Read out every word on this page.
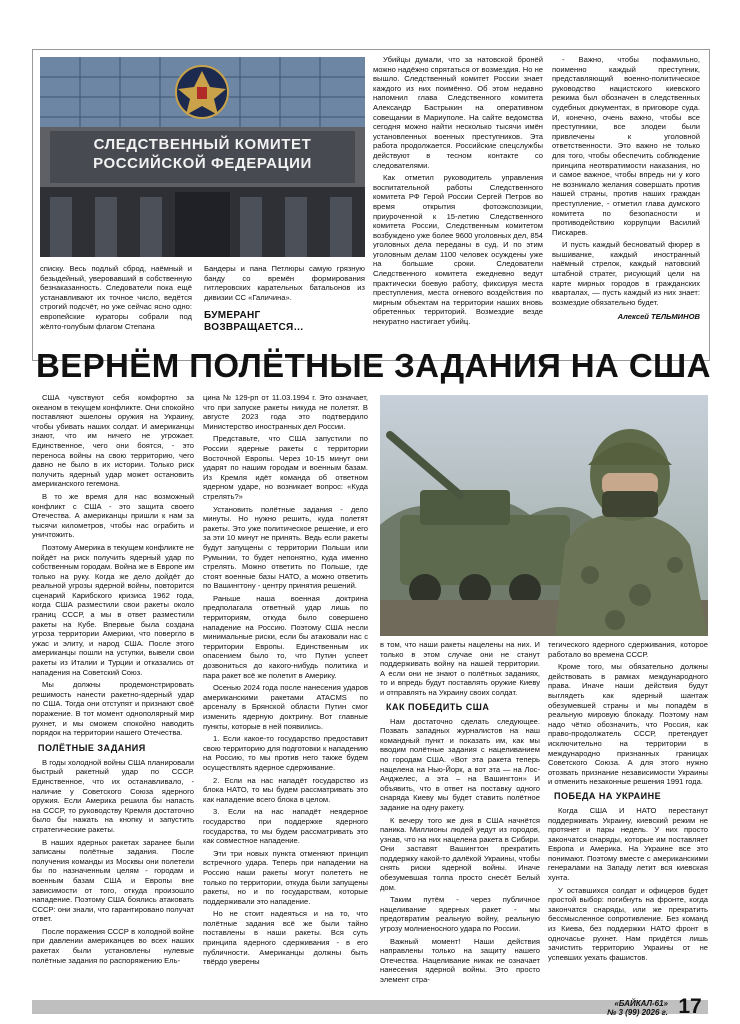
СЛЕДСТВЕННЫЙ КОМИТЕТ
РОССИЙСКОЙ ФЕДЕРАЦИИ

списку. Весь подлый сброд, наёмный и безыдейный, уверовавший в собственную безнаказанность. Следователи пока ещё устанавливают их точное число, ведётся строгий подсчёт, но уже сейчас ясно одно: европейские кураторы собрали под жёлто-голубым флагом Степана

Бандеры и пана Петлюры самую грязную банду со времён формирования гитлеровских карательных батальонов из дивизии СС «Галичина».

БУМЕРАНГ
ВОЗВРАЩАЕТСЯ…

Убийцы думали, что за натовской бронёй можно надёжно спрятаться от возмездия. Но не вышло. Следственный комитет России знает каждого из них поимённо. Об этом недавно напомнил глава Следственного комитета Александр Бастрыкин на оперативном совещании в Мариуполе. На сайте ведомства сегодня можно найти несколько тысячи имён установленных военных преступников. Эта работа продолжается. Российские спецслужбы действуют в тесном контакте со следователями.

Как отметил руководитель управления воспитательной работы Следственного комитета РФ Герой России Сергей Петров во время открытия фотоэкспозиции, приуроченной к 15-летию Следственного комитета России, Следственным комитетом возбуждено уже более 9600 уголовных дел, 854 уголовных дела переданы в суд. И по этим уголовным делам 1100 человек осуждены уже на большие сроки. Следователи Следственного комитета ежедневно ведут практически боевую работу, фиксируя места преступления, места огневого воздействия по мирным объектам на территории наших вновь обретенных территорий. Возмездие везде некуратно настигает убийц.

- Важно, чтобы пофамильно, поименно каждый преступник, представляющий военно-политическое руководство нацистского киевского режима был обозначен в следственных судебных документах, в приговоре суда. И, конечно, очень важно, чтобы все преступники, все злодеи были привлечены к уголовной ответственности. Это важно не только для того, чтобы обеспечить соблюдение принципа неотвратимости наказания, но и самое важное, чтобы впредь ни у кого не возникало желания совершать против нашей страны, против наших граждан преступление, - отметил глава думского комитета по безопасности и противодействию коррупции Василий Пискарев.

И пусть каждый бесноватый фюрер в вышиванке, каждый иностранный наёмный стрелок, каждый натовский штабной стратег, рисующий цели на карте мирных городов в гражданских кварталах, — пусть каждый из них знает: возмездие обязательно будет.

Алексей ТЕЛЬМИНОВ
ВЕРНЁМ ПОЛЁТНЫЕ ЗАДАНИЯ НА США

США чувствуют себя комфортно за океаном в текущем конфликте. Они спокойно поставляют эшелоны оружия на Украину, чтобы убивать наших солдат. И американцы знают, что им ничего не угрожает. Единственное, чего они боятся, - это переноса войны на свою территорию, чего давно не было в их истории. Только риск получить ядерный удар может остановить американского гегемона.

В то же время для нас возможный конфликт с США - это защита своего Отечества. А американцы пришли к нам за тысячи километров, чтобы нас ограбить и уничтожить.

Поэтому Америка в текущем конфликте не пойдёт на риск получить ядерный удар по собственным городам. Война же в Европе им только на руку. Когда же дело дойдёт до реальной угрозы ядерной войны, повторится сценарий Карибского кризиса 1962 года, когда США разместили свои ракеты около границ СССР, а мы в ответ разместили ракеты на Кубе. Впервые была создана угроза территории Америки, что повергло в ужас и элиту, и народ США. После этого американцы пошли на уступки, вывели свои ракеты из Италии и Турции и отказались от нападения на Советский Союз.

Мы должны продемонстрировать решимость нанести ракетно-ядерный удар по США. Тогда они отступят и признают своё поражение. В тот момент однополярный мир рухнет, и мы сможем спокойно наводить порядок на территории нашего Отечества.

ПОЛЁТНЫЕ ЗАДАНИЯ

В годы холодной войны США планировали быстрый ракетный удар по СССР. Единственное, что их останавливало, - наличие у Советского Союза ядерного оружия. Если Америка решила бы напасть на СССР, то руководству Кремля достаточно было бы нажать на кнопку и запустить стратегические ракеты.

В наших ядерных ракетах заранее были записаны полётные задания. После получения команды из Москвы они полетели бы по назначенным целям - городам и военным базам США и Европы вне зависимости от того, откуда произошло нападение. Поэтому США боялись атаковать СССР: они знали, что гарантировано получат ответ.

После поражения СССР в холодной войне при давлении американцев во всех наших ракетах были установлены нулевые полётные задания по распоряжению Ель-

цина № 129-рп от 11.03.1994 г. Это означает, что при запуске ракеты никуда не полетят. В августе 2023 года это подтвердило Министерство иностранных дел России.

Представьте, что США запустили по России ядерные ракеты с территории Восточной Европы. Через 10-15 минут они ударят по нашим городам и военным базам. Из Кремля идёт команда об ответном ядерном ударе, но возникает вопрос: «Куда стрелять?»

Установить полётные задания - дело минуты. Но нужно решить, куда полетят ракеты. Это уже политическое решение, и его за эти 10 минут не принять. Ведь если ракеты будут запущены с территории Польши или Румынии, то будет непонятно, куда именно стрелять. Можно ответить по Польше, где стоят военные базы НАТО, а можно ответить по Вашингтону - центру принятия решений.

Раньше наша военная доктрина предполагала ответный удар лишь по территориям, откуда было совершено нападение на Россию. Поэтому США несли минимальные риски, если бы атаковали нас с территории Европы. Единственным их опасением было то, что Путин успеет дозвониться до какого-нибудь политика и пара ракет всё же полетит в Америку.

Осенью 2024 года после нанесения ударов американскими ракетами ATACMS по арсеналу в Брянской области Путин смог изменить ядерную доктрину. Вот главные пункты, которые в ней появились.

1. Если какое-то государство предоставит свою территорию для подготовки к нападению на Россию, то мы против него также будем осуществлять ядерное сдерживание.

2. Если на нас нападёт государство из блока НАТО, то мы будем рассматривать это как нападение всего блока в целом.

3. Если на нас нападёт неядерное государство при поддержке ядерного государства, то мы будем рассматривать это как совместное нападение.

Эти три новых пункта отменяют принцип встречного удара. Теперь при нападении на Россию наши ракеты могут полететь не только по территории, откуда были запущены ракеты, но и по государствам, которые поддерживали это нападение.

Но не стоит надеяться и на то, что полётные задания всё же были тайно поставлены в наши ракеты. Вся суть принципа ядерного сдерживания - в его публичности. Американцы должны быть твёрдо уверены

в том, что наши ракеты нацелены на них. И только в этом случае они не станут поддерживать войну на нашей территории. А если они не знают о полётных заданиях, то и впредь будут поставлять оружие Киеву и отправлять на Украину своих солдат.

КАК ПОБЕДИТЬ США

Нам достаточно сделать следующее. Позвать западных журналистов на наш командный пункт и показать им, как мы вводим полётные задания с нацеливанием по городам США. «Вот эта ракета теперь нацелена на Нью-Йорк, а вот эта — на Лос-Анджелес, а эта – на Вашингтон» И объявить, что в ответ на поставку одного снаряда Киеву мы будет ставить полётное задание на одну ракету.

К вечеру того же дня в США начнётся паника. Миллионы людей уедут из городов, узнав, что на них нацелена ракета в Сибири. Они заставят Вашингтон прекратить поддержку какой-то далёкой Украины, чтобы снять риски ядерной войны. Иначе обезумевшая толпа просто снесёт Белый дом.

Таким путём - через публичное нацеливание ядерных ракет - мы предотвратим реальную войну, реальную угрозу молниеносного удара по России.

Важный момент! Наши действия направлены только на защиту нашего Отечества. Нацеливание никак не означает нанесения ядерной войны. Это просто элемент стра-

тегического ядерного сдерживания, которое работало во времена СССР.

Кроме того, мы обязательно должны действовать в рамках международного права. Иначе наши действия будут выглядеть как ядерный шантаж обезумевшей страны и мы попадём в реальную мировую блокаду. Поэтому нам надо чётко обозначить, что Россия, как право-продолжатель СССР, претендует исключительно на территории в международно признанных границах Советского Союза. А для этого нужно отозвать признание независимости Украины и отменить незаконные решения 1991 года.

ПОБЕДА НА УКРАИНЕ

Когда США И НАТО перестанут поддерживать Украину, киевский режим не протянет и пары недель. У них просто закончатся снаряды, которые им поставляет Европа и Америка. На Украине все это понимают. Поэтому вместе с американскими генералами на Западу летит вся киевская хунта.

У оставшихся солдат и офицеров будет простой выбор: погибнуть на фронте, когда закончатся снаряды, или же прекратить бессмысленное сопротивление. Без команд из Киева, без поддержки НАТО фронт в одночасье рухнет. Нам придётся лишь зачистить территорию Украины от не успевших уехать фашистов.

«БАЙКАЛ-61»
№ 3 (99) 2026 г. 17
